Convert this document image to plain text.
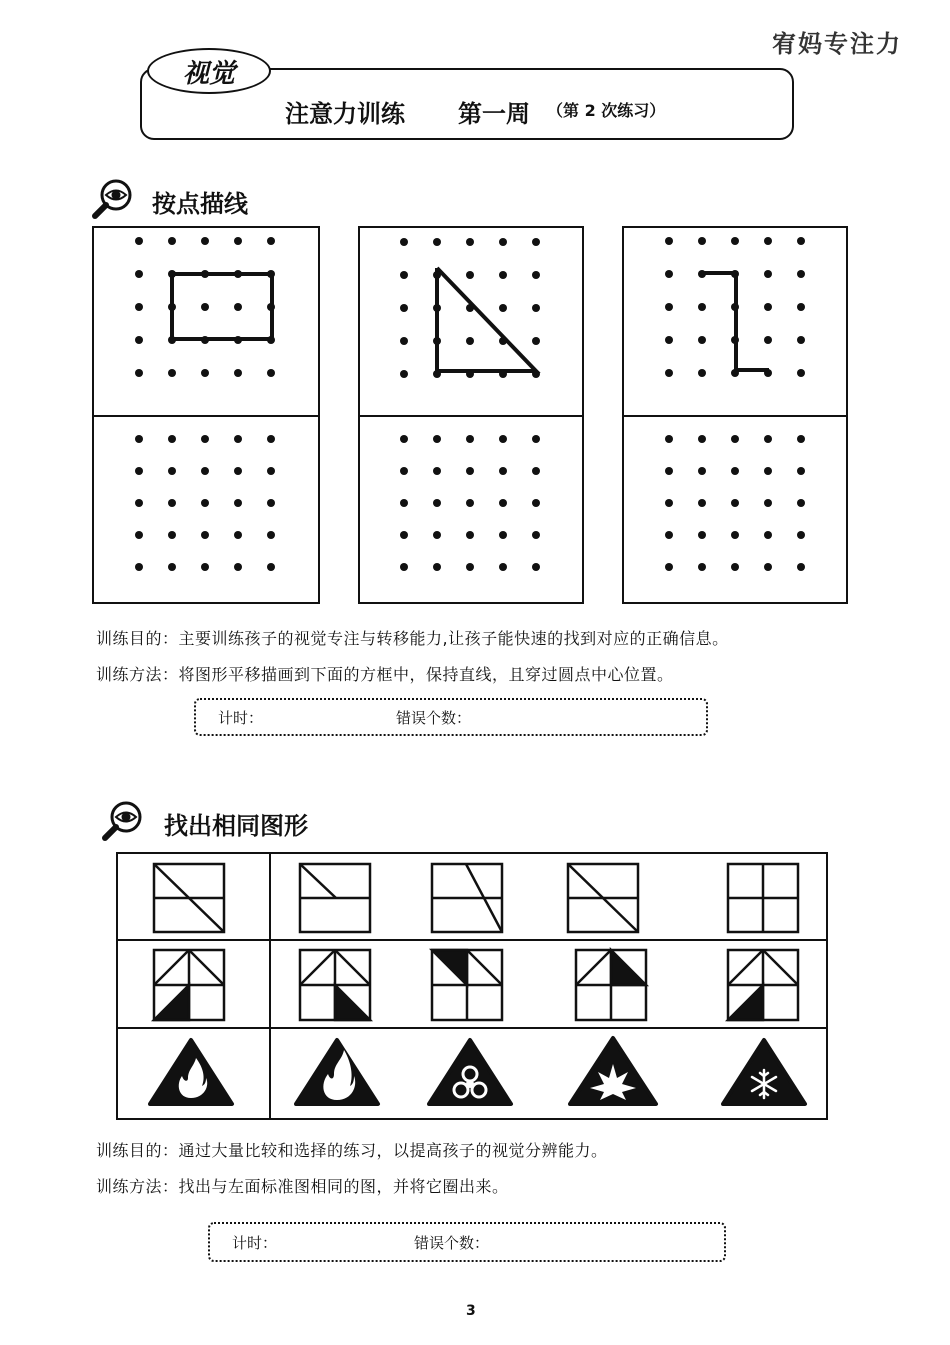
宥妈专注力
视觉
注意力训练 第一周 （第 2 次练习）
按点描线
训练目的：主要训练孩子的视觉专注与转移能力,让孩子能快速的找到对应的正确信息。
训练方法：将图形平移描画到下面的方框中，保持直线，且穿过圆点中心位置。
计时：	错误个数：
找出相同图形
训练目的：通过大量比较和选择的练习，以提高孩子的视觉分辨能力。
训练方法：找出与左面标准图相同的图，并将它圈出来。
计时：	错误个数：
3
